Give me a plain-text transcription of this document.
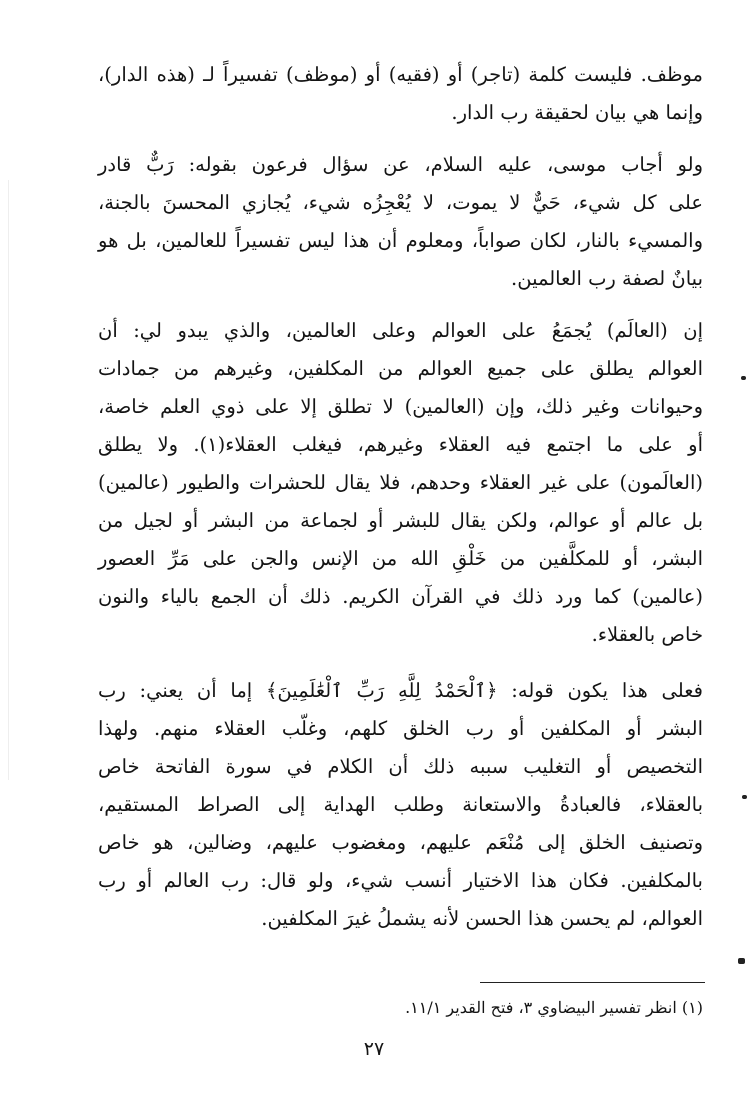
موظف. فليست كلمة (تاجر) أو (فقيه) أو (موظف) تفسيراً لـ (هذه الدار)،
وإنما هي بيان لحقيقة رب الدار.
ولو أجاب موسى، عليه السلام، عن سؤال فرعون بقوله: رَبٌّ قادر
على كل شيء، حَيٌّ لا يموت، لا يُعْجِزُه شيء، يُجازي المحسنَ بالجنة،
والمسيء بالنار، لكان صواباً، ومعلوم أن هذا ليس تفسيراً للعالمين، بل هو
بيانٌ لصفة رب العالمين.
إن (العالَم) يُجمَعُ على العوالم وعلى العالمين، والذي يبدو لي: أن
العوالم يطلق على جميع العوالم من المكلفين، وغيرهم من جمادات
وحيوانات وغير ذلك، وإن (العالمين) لا تطلق إلا على ذوي العلم خاصة،
أو على ما اجتمع فيه العقلاء وغيرهم، فيغلب العقلاء(١). ولا يطلق
(العالَمون) على غير العقلاء وحدهم، فلا يقال للحشرات والطيور (عالمين)
بل عالم أو عوالم، ولكن يقال للبشر أو لجماعة من البشر أو لجيل من
البشر، أو للمكلَّفين من خَلْقِ الله من الإنس والجن على مَرِّ العصور
(عالمين) كما ورد ذلك في القرآن الكريم. ذلك أن الجمع بالياء والنون
خاص بالعقلاء.
فعلى هذا يكون قوله: ﴿ٱلْحَمْدُ لِلَّهِ رَبِّ ٱلْعَٰلَمِينَ﴾ إما أن يعني: رب
البشر أو المكلفين أو رب الخلق كلهم، وغلّب العقلاء منهم. ولهذا
التخصيص أو التغليب سببه ذلك أن الكلام في سورة الفاتحة خاص
بالعقلاء، فالعبادةُ والاستعانة وطلب الهداية إلى الصراط المستقيم،
وتصنيف الخلق إلى مُنْعَم عليهم، ومغضوب عليهم، وضالين، هو خاص
بالمكلفين. فكان هذا الاختيار أنسب شيء، ولو قال: رب العالم أو رب
العوالم، لم يحسن هذا الحسن لأنه يشملُ غيرَ المكلفين.
(١) انظر تفسير البيضاوي ٣، فتح القدير ١١/١.
٢٧
